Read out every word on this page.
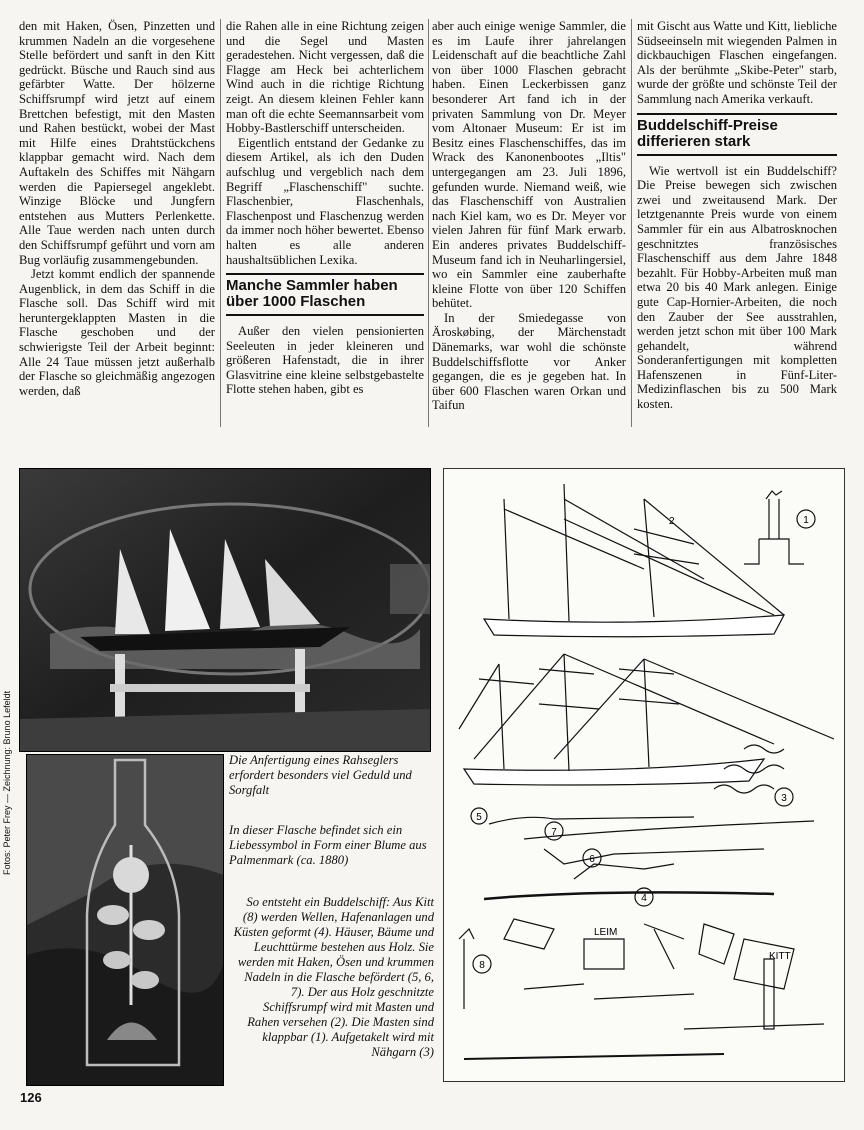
den mit Haken, Ösen, Pinzetten und krummen Nadeln an die vorgesehene Stelle befördert und sanft in den Kitt gedrückt. Büsche und Rauch sind aus gefärbter Watte. Der hölzerne Schiffsrumpf wird jetzt auf einem Brettchen befestigt, mit den Masten und Rahen bestückt, wobei der Mast mit Hilfe eines Drahtstückchens klappbar gemacht wird. Nach dem Auftakeln des Schiffes mit Nähgarn werden die Papiersegel angeklebt. Winzige Blöcke und Jungfern entstehen aus Mutters Perlenkette. Alle Taue werden nach unten durch den Schiffsrumpf geführt und vorn am Bug vorläufig zusammengebunden.

Jetzt kommt endlich der spannende Augenblick, in dem das Schiff in die Flasche soll. Das Schiff wird mit heruntergeklappten Masten in die Flasche geschoben und der schwierigste Teil der Arbeit beginnt: Alle 24 Taue müssen jetzt außerhalb der Flasche so gleichmäßig angezogen werden, daß

die Rahen alle in eine Richtung zeigen und die Segel und Masten geradestehen. Nicht vergessen, daß die Flagge am Heck bei achterlichem Wind auch in die richtige Richtung zeigt. An diesem kleinen Fehler kann man oft die echte Seemannsarbeit vom Hobby-Bastlerschiff unterscheiden.

Eigentlich entstand der Gedanke zu diesem Artikel, als ich den Duden aufschlug und vergeblich nach dem Begriff „Flaschenschiff" suchte. Flaschenbier, Flaschenhals, Flaschenpost und Flaschenzug werden da immer noch höher bewertet. Ebenso halten es alle anderen haushaltsüblichen Lexika.

Manche Sammler haben über 1000 Flaschen

Außer den vielen pensionierten Seeleuten in jeder kleineren und größeren Hafenstadt, die in ihrer Glasvitrine eine kleine selbstgebastelte Flotte stehen haben, gibt es

aber auch einige wenige Sammler, die es im Laufe ihrer jahrelangen Leidenschaft auf die beachtliche Zahl von über 1000 Flaschen gebracht haben. Einen Leckerbissen ganz besonderer Art fand ich in der privaten Sammlung von Dr. Meyer vom Altonaer Museum: Er ist im Besitz eines Flaschenschiffes, das im Wrack des Kanonenbootes „Iltis" untergegangen am 23. Juli 1896, gefunden wurde. Niemand weiß, wie das Flaschenschiff von Australien nach Kiel kam, wo es Dr. Meyer vor vielen Jahren für fünf Mark erwarb. Ein anderes privates Buddelschiff-Museum fand ich in Neuharlingersiel, wo ein Sammler eine zauberhafte kleine Flotte von über 120 Schiffen behütet.

In der Smiedegasse von Äroskøbing, der Märchenstadt Dänemarks, war wohl die schönste Buddelschiffsflotte vor Anker gegangen, die es je gegeben hat. In über 600 Flaschen waren Orkan und Taifun

mit Gischt aus Watte und Kitt, liebliche Südseeinseln mit wiegenden Palmen in dickbauchigen Flaschen eingefangen. Als der berühmte „Skibe-Peter" starb, wurde der größte und schönste Teil der Sammlung nach Amerika verkauft.

Buddelschiff-Preise differieren stark

Wie wertvoll ist ein Buddelschiff? Die Preise bewegen sich zwischen zwei und zweitausend Mark. Der letztgenannte Preis wurde von einem Sammler für ein aus Albatrosknochen geschnitztes französisches Flaschenschiff aus dem Jahre 1848 bezahlt. Für Hobby-Arbeiten muß man etwa 20 bis 40 Mark anlegen. Einige gute Cap-Hornier-Arbeiten, die noch den Zauber der See ausstrahlen, werden jetzt schon mit über 100 Mark gehandelt, während Sonderanfertigungen mit kompletten Hafenszenen in Fünf-Liter-Medizinflaschen bis zu 500 Mark kosten.

Fotos: Peter Frey — Zeichnung: Bruno Lefeldt	Die Anfertigung eines Rahseglers erfordert besonders viel Geduld und Sorgfalt
In dieser Flasche befindet sich ein Liebessymbol in Form einer Blume aus Palmenmark (ca. 1880)
So entsteht ein Buddelschiff: Aus Kitt (8) werden Wellen, Hafenanlagen und Küsten geformt (4). Häuser, Bäume und Leuchttürme bestehen aus Holz. Sie werden mit Haken, Ösen und krummen Nadeln in die Flasche befördert (5, 6, 7). Der aus Holz geschnitzte Schiffsrumpf wird mit Masten und Rahen versehen (2). Die Masten sind klappbar (1). Aufgetakelt wird mit Nähgarn (3)
1
2
3
4
5
6
7
8
KITT
LEIM
126
